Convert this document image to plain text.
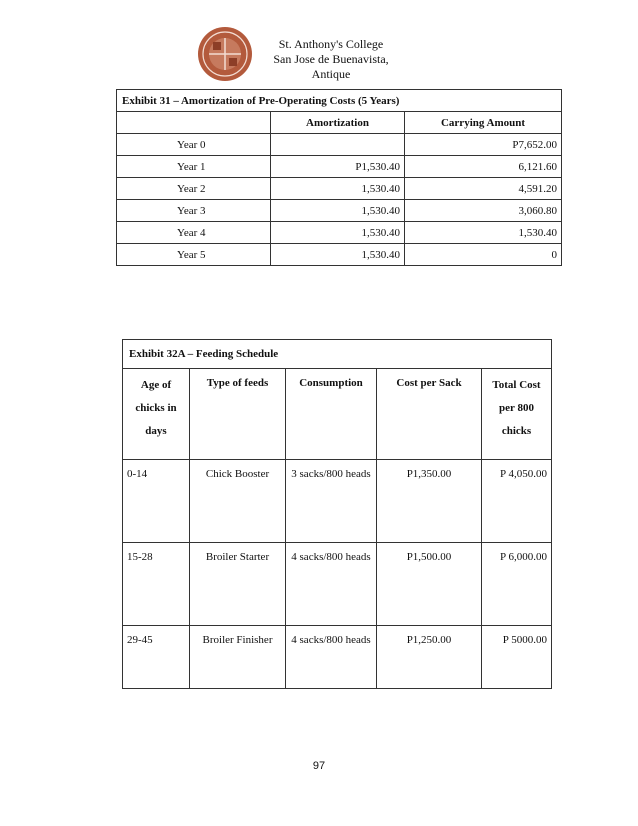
St. Anthony's College
San Jose de Buenavista, Antique
Exhibit 31 – Amortization of Pre-Operating Costs (5 Years)		
	Amortization	Carrying Amount
Year 0		P7,652.00
Year 1	P1,530.40	6,121.60
Year 2	1,530.40	4,591.20
Year 3	1,530.40	3,060.80
Year 4	1,530.40	1,530.40
Year 5	1,530.40	0
Exhibit 32A – Feeding Schedule				

Age of
chicks in
days	Type of feeds	Consumption	Cost per Sack	Total Cost
per 800
chicks

0-14	Chick Booster	3 sacks/800 heads	P1,350.00	P 4,050.00
15-28	Broiler Starter	4 sacks/800 heads	P1,500.00	P 6,000.00
29-45	Broiler Finisher	4 sacks/800 heads	P1,250.00	P 5000.00
97
